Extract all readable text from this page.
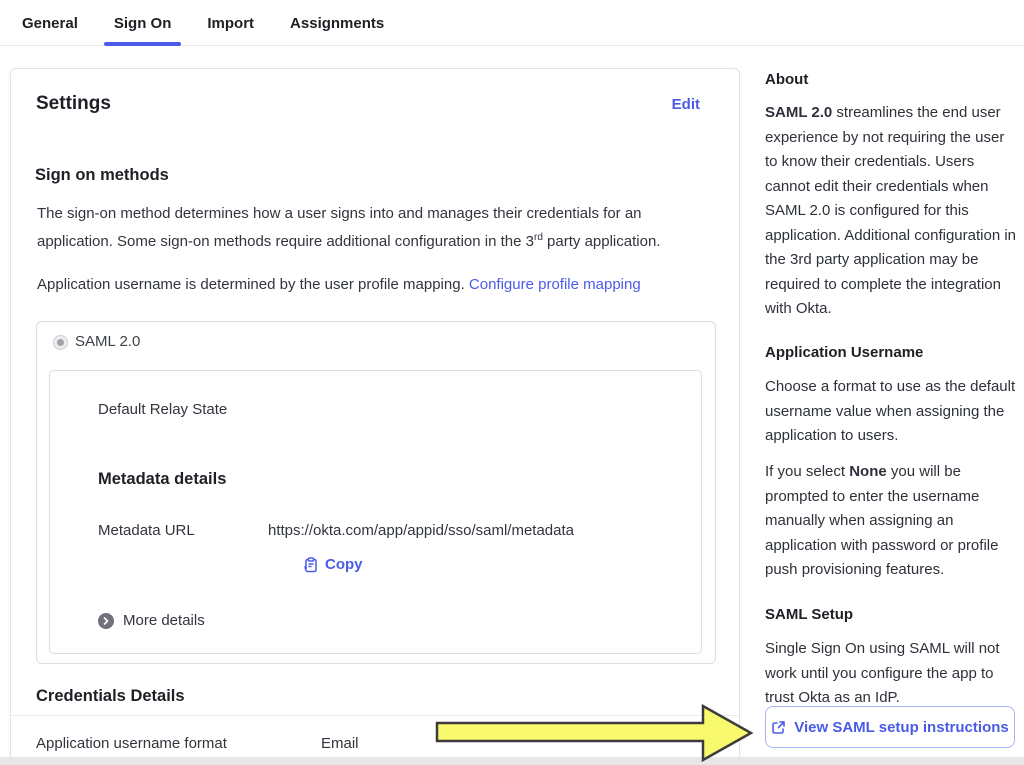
General	Sign On	Import	Assignments
Settings	Edit
Sign on methods

The sign-on method determines how a user signs into and manages their credentials for an application. Some sign-on methods require additional configuration in the 3rd party application.

Application username is determined by the user profile mapping. Configure profile mapping

SAML 2.0
Default Relay State
Metadata details
Metadata URL	https://okta.com/app/appid/sso/saml/metadata
Copy
More details
Credentials Details
Application username format	Email
About

SAML 2.0 streamlines the end user experience by not requiring the user to know their credentials. Users cannot edit their credentials when SAML 2.0 is configured for this application. Additional configuration in the 3rd party application may be required to complete the integration with Okta.

Application Username

Choose a format to use as the default username value when assigning the application to users.

If you select None you will be prompted to enter the username manually when assigning an application with password or profile push provisioning features.

SAML Setup

Single Sign On using SAML will not work until you configure the app to trust Okta as an IdP.

View SAML setup instructions
